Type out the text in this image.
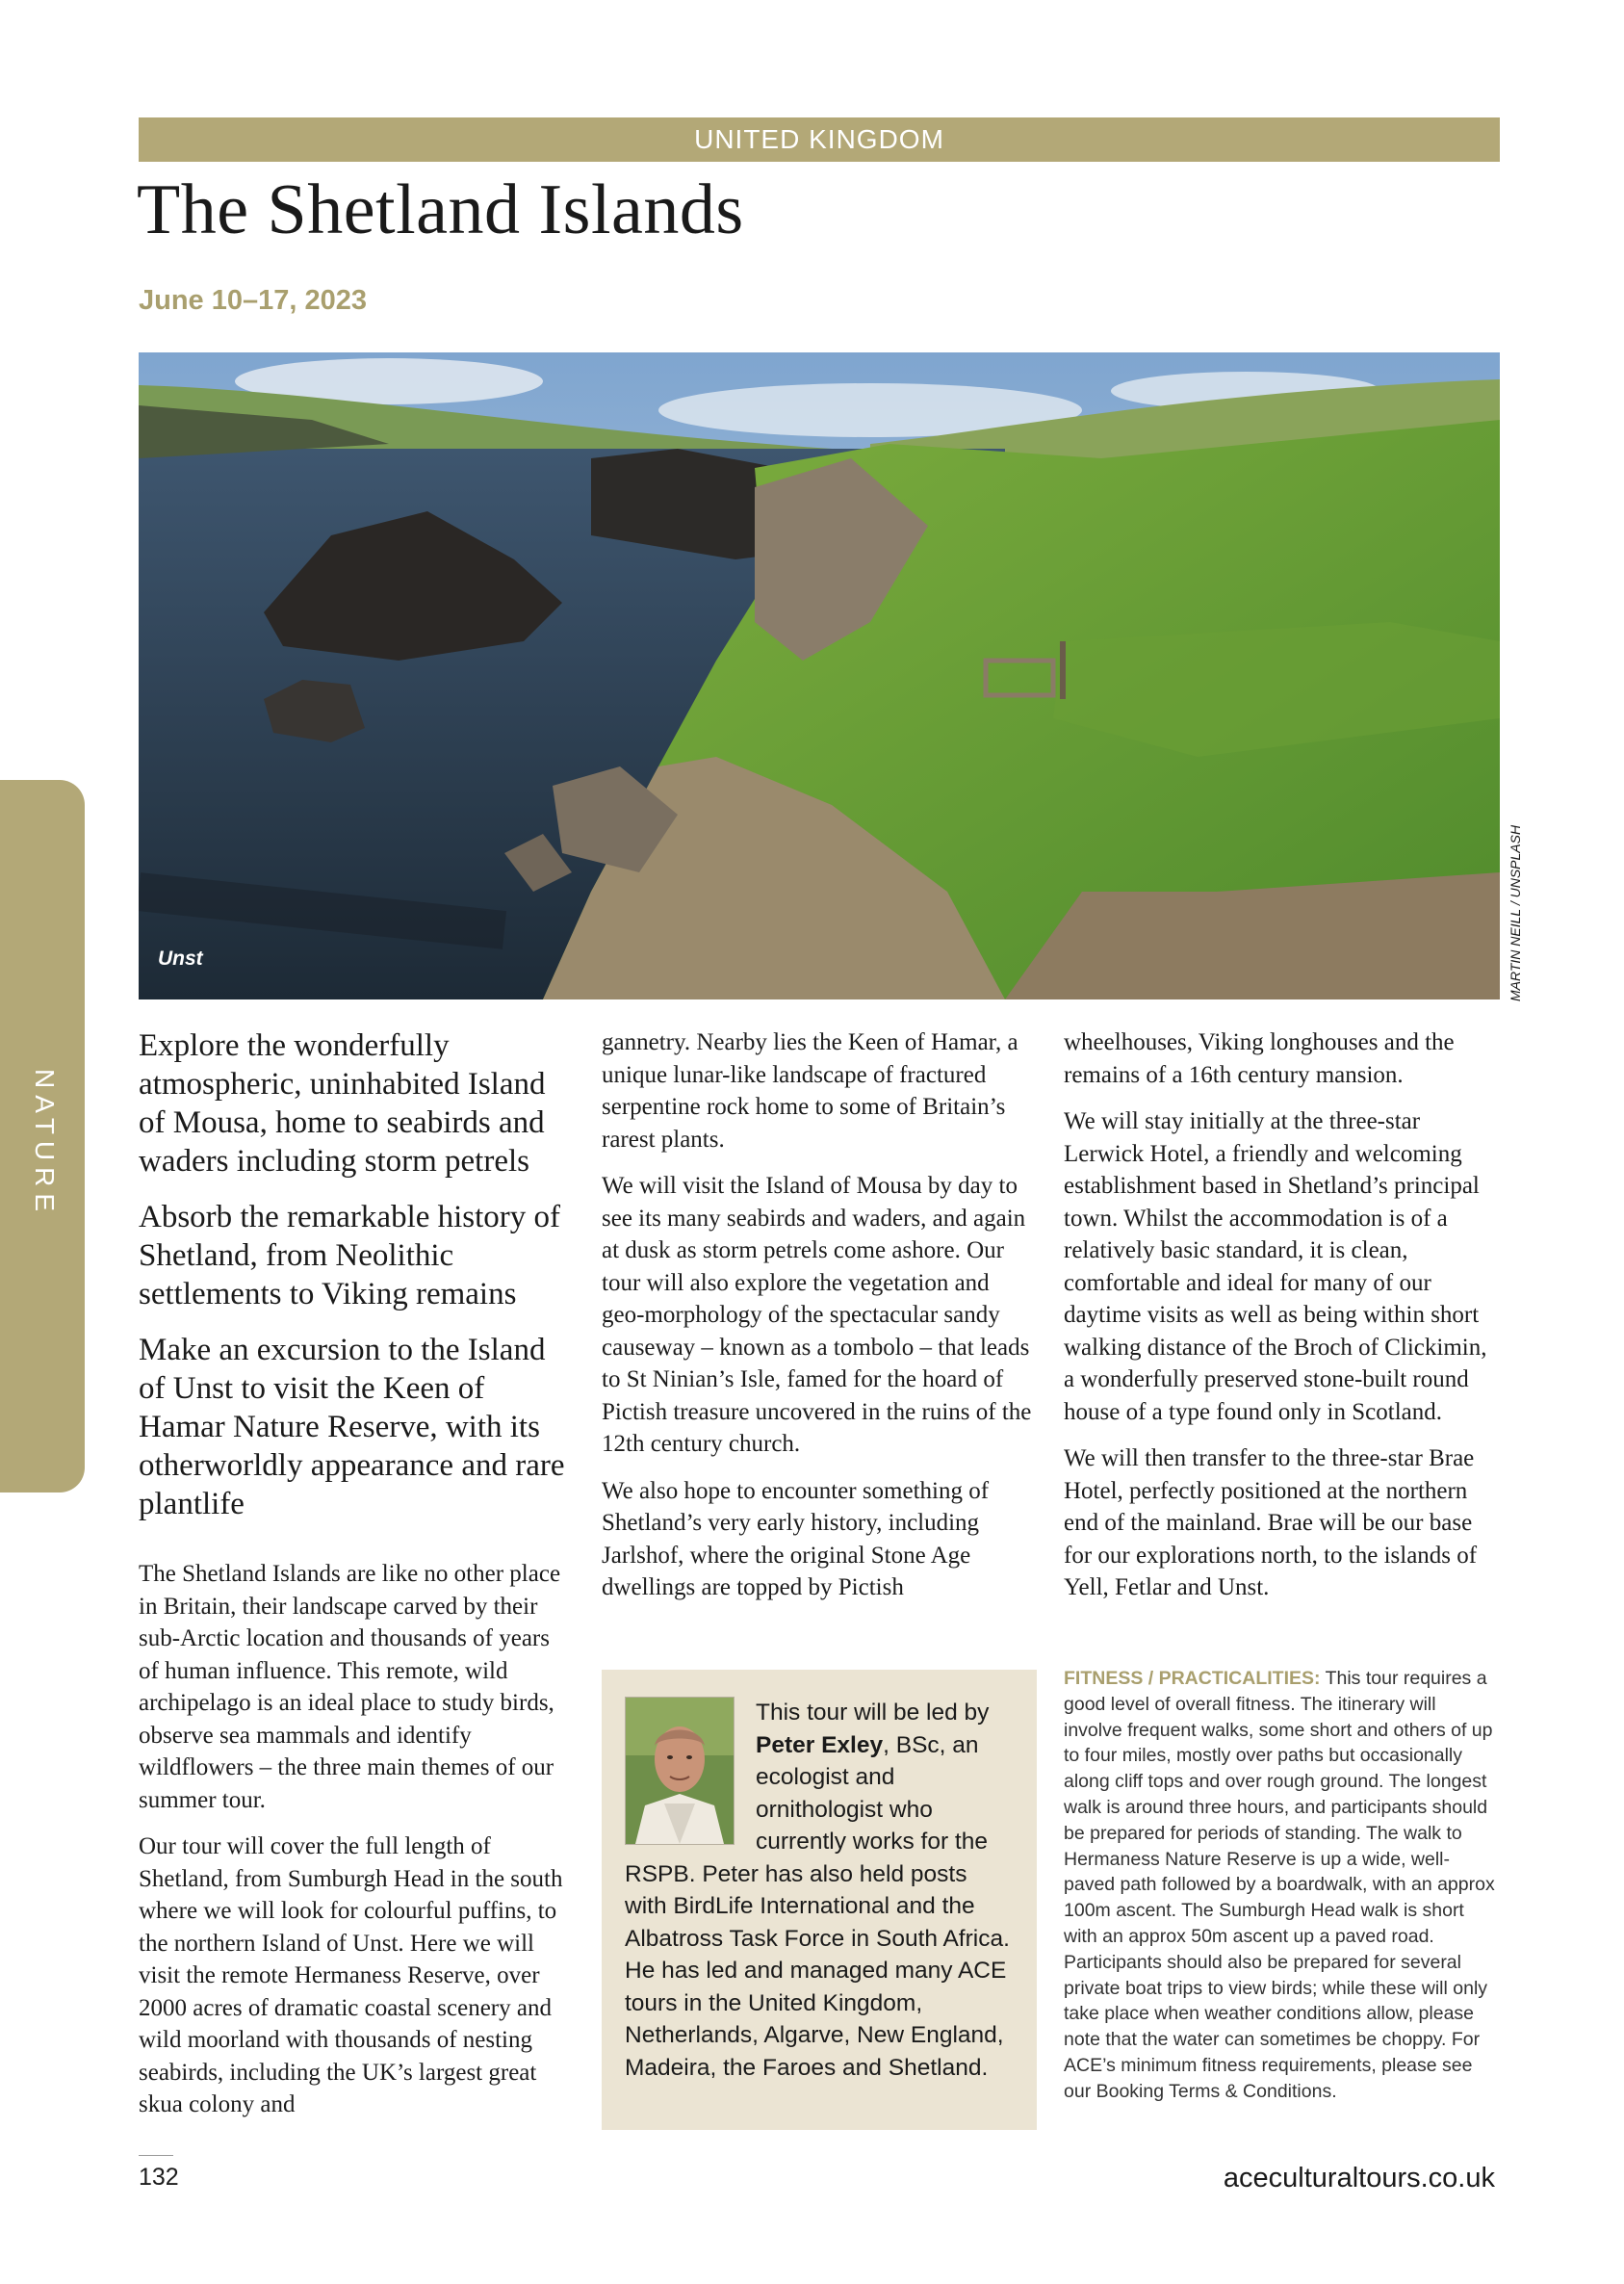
UNITED KINGDOM
The Shetland Islands
June 10–17, 2023
Unst	MARTIN NEILL / UNSPLASH
NATURE

Explore the wonderfully atmospheric, uninhabited Island of Mousa, home to seabirds and waders including storm petrels

Absorb the remarkable history of Shetland, from Neolithic settlements to Viking remains

Make an excursion to the Island of Unst to visit the Keen of Hamar Nature Reserve, with its otherworldly appearance and rare plantlife

The Shetland Islands are like no other place in Britain, their landscape carved by their sub-Arctic location and thousands of years of human influence. This remote, wild archipelago is an ideal place to study birds, observe sea mammals and identify wildflowers – the three main themes of our summer tour.

Our tour will cover the full length of Shetland, from Sumburgh Head in the south where we will look for colourful puffins, to the northern Island of Unst. Here we will visit the remote Hermaness Reserve, over 2000 acres of dramatic coastal scenery and wild moorland with thousands of nesting seabirds, including the UK’s largest great skua colony and

gannetry. Nearby lies the Keen of Hamar, a unique lunar-like landscape of fractured serpentine rock home to some of Britain’s rarest plants.

We will visit the Island of Mousa by day to see its many seabirds and waders, and again at dusk as storm petrels come ashore. Our tour will also explore the vegetation and geo-morphology of the spectacular sandy causeway – known as a tombolo – that leads to St Ninian’s Isle, famed for the hoard of Pictish treasure uncovered in the ruins of the 12th century church.

We also hope to encounter something of Shetland’s very early history, including Jarlshof, where the original Stone Age dwellings are topped by Pictish

This tour will be led by Peter Exley, BSc, an ecologist and ornithologist who currently works for the RSPB. Peter has also held posts with BirdLife International and the Albatross Task Force in South Africa. He has led and managed many ACE tours in the United Kingdom, Netherlands, Algarve, New England, Madeira, the Faroes and Shetland.

wheelhouses, Viking longhouses and the remains of a 16th century mansion.

We will stay initially at the three-star Lerwick Hotel, a friendly and welcoming establishment based in Shetland’s principal town. Whilst the accommodation is of a relatively basic standard, it is clean, comfortable and ideal for many of our daytime visits as well as being within short walking distance of the Broch of Clickimin, a wonderfully preserved stone-built round house of a type found only in Scotland.

We will then transfer to the three-star Brae Hotel, perfectly positioned at the northern end of the mainland. Brae will be our base for our explorations north, to the islands of Yell, Fetlar and Unst.

FITNESS / PRACTICALITIES: This tour requires a good level of overall fitness. The itinerary will involve frequent walks, some short and others of up to four miles, mostly over paths but occasionally along cliff tops and over rough ground. The longest walk is around three hours, and participants should be prepared for periods of standing. The walk to Hermaness Nature Reserve is up a wide, well-paved path followed by a boardwalk, with an approx 100m ascent. The Sumburgh Head walk is short with an approx 50m ascent up a paved road. Participants should also be prepared for several private boat trips to view birds; while these will only take place when weather conditions allow, please note that the water can sometimes be choppy. For ACE’s minimum fitness requirements, please see our Booking Terms & Conditions.
132	aceculturaltours.co.uk
